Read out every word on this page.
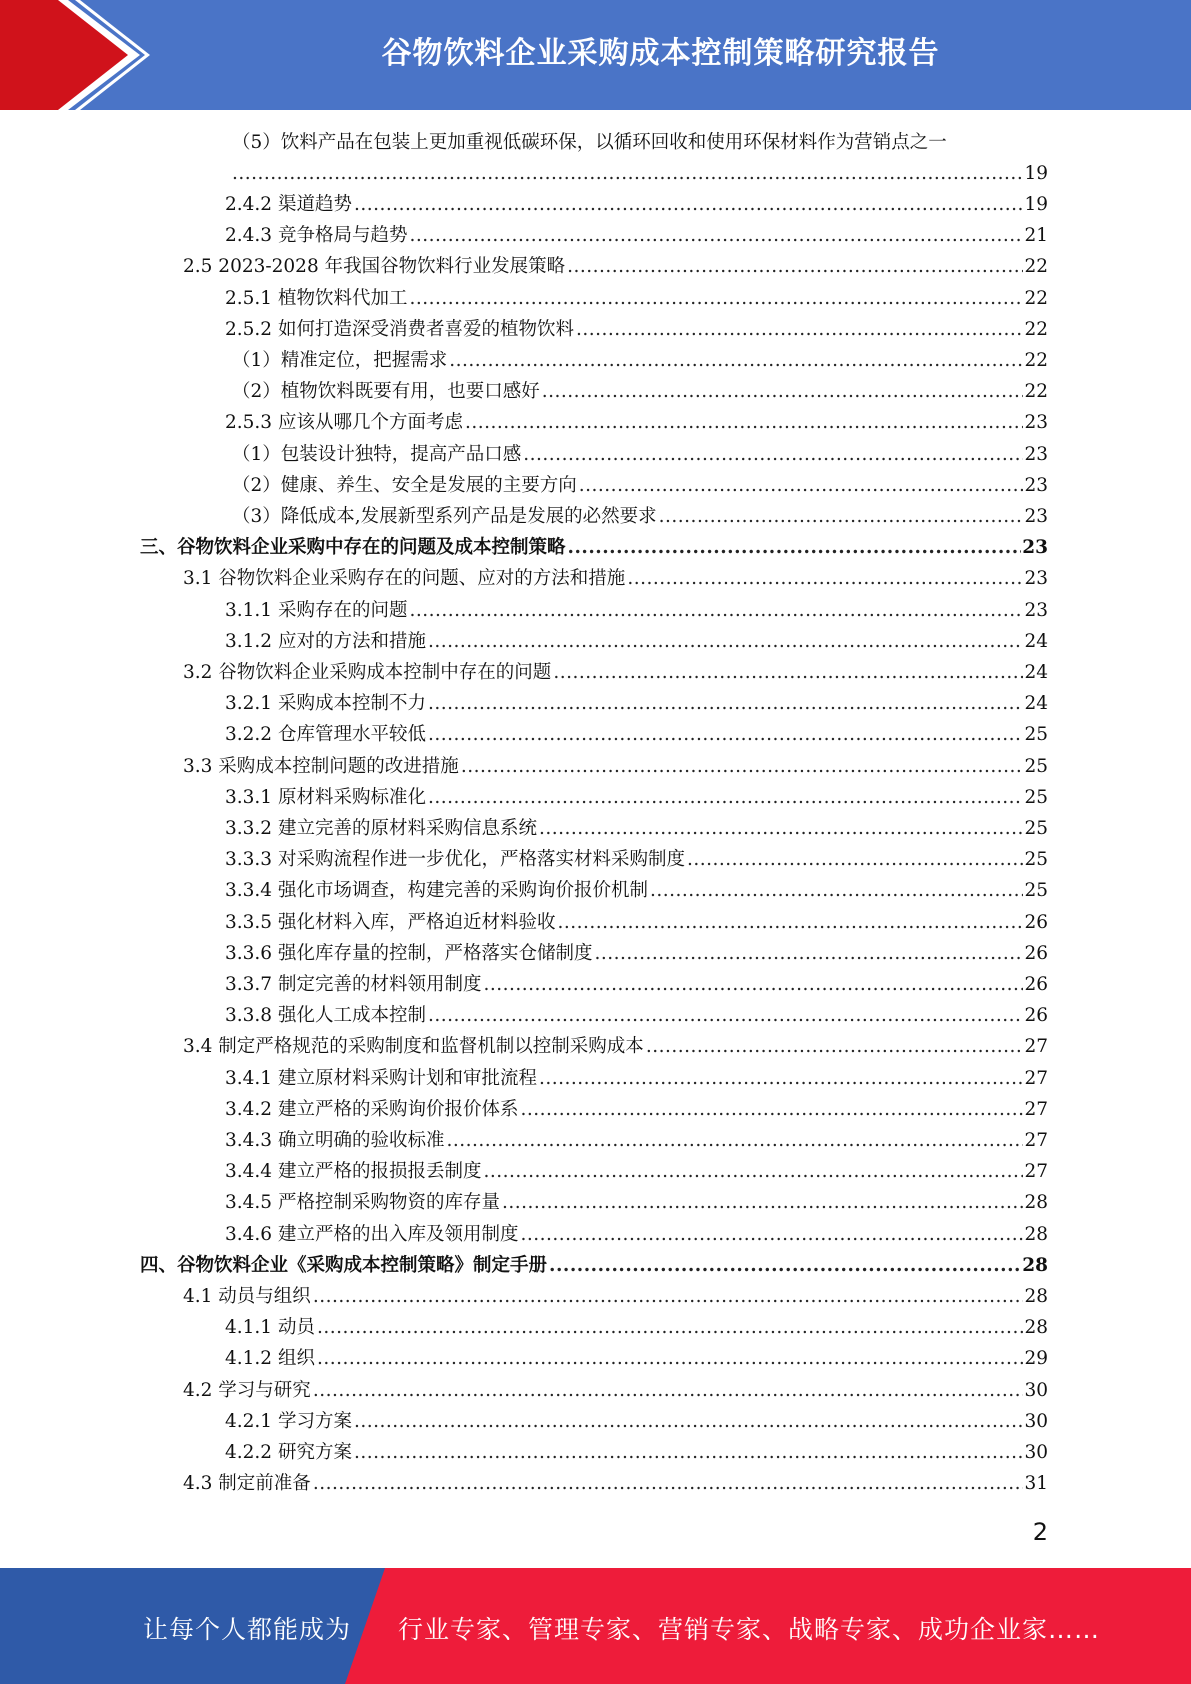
谷物饮料企业采购成本控制策略研究报告
（5）饮料产品在包装上更加重视低碳环保，以循环回收和使用环保材料作为营销点之一
.....
19
2.4.2 渠道趋势 .....	19
2.4.3 竞争格局与趋势 .....	21
2.5 2023-2028 年我国谷物饮料行业发展策略 .....	22
2.5.1 植物饮料代加工 .....	22
2.5.2 如何打造深受消费者喜爱的植物饮料 .....	22
（1）精准定位，把握需求 .....	22
（2）植物饮料既要有用，也要口感好 .....	22
2.5.3 应该从哪几个方面考虑 .....	23
（1）包装设计独特，提高产品口感 .....	23
（2）健康、养生、安全是发展的主要方向 .....	23
（3）降低成本,发展新型系列产品是发展的必然要求 .....	23
三、谷物饮料企业采购中存在的问题及成本控制策略 .....	23
3.1 谷物饮料企业采购存在的问题、应对的方法和措施 .....	23
3.1.1 采购存在的问题 .....	23
3.1.2 应对的方法和措施 .....	24
3.2 谷物饮料企业采购成本控制中存在的问题 .....	24
3.2.1 采购成本控制不力 .....	24
3.2.2 仓库管理水平较低 .....	25
3.3 采购成本控制问题的改进措施 .....	25
3.3.1 原材料采购标准化 .....	25
3.3.2 建立完善的原材料采购信息系统 .....	25
3.3.3 对采购流程作进一步优化，严格落实材料采购制度 .....	25
3.3.4 强化市场调查，构建完善的采购询价报价机制 .....	25
3.3.5 强化材料入库，严格迫近材料验收 .....	26
3.3.6 强化库存量的控制，严格落实仓储制度 .....	26
3.3.7 制定完善的材料领用制度 .....	26
3.3.8 强化人工成本控制 .....	26
3.4 制定严格规范的采购制度和监督机制以控制采购成本 .....	27
3.4.1 建立原材料采购计划和审批流程 .....	27
3.4.2 建立严格的采购询价报价体系 .....	27
3.4.3 确立明确的验收标准 .....	27
3.4.4 建立严格的报损报丢制度 .....	27
3.4.5 严格控制采购物资的库存量 .....	28
3.4.6 建立严格的出入库及领用制度 .....	28
四、谷物饮料企业《采购成本控制策略》制定手册 .....	28
4.1 动员与组织 .....	28
4.1.1 动员 .....	28
4.1.2 组织 .....	29
4.2 学习与研究 .....	30
4.2.1 学习方案 .....	30
4.2.2 研究方案 .....	30
4.3 制定前准备 .....	31
2
让每个人都能成为 行业专家、管理专家、营销专家、战略专家、成功企业家……
